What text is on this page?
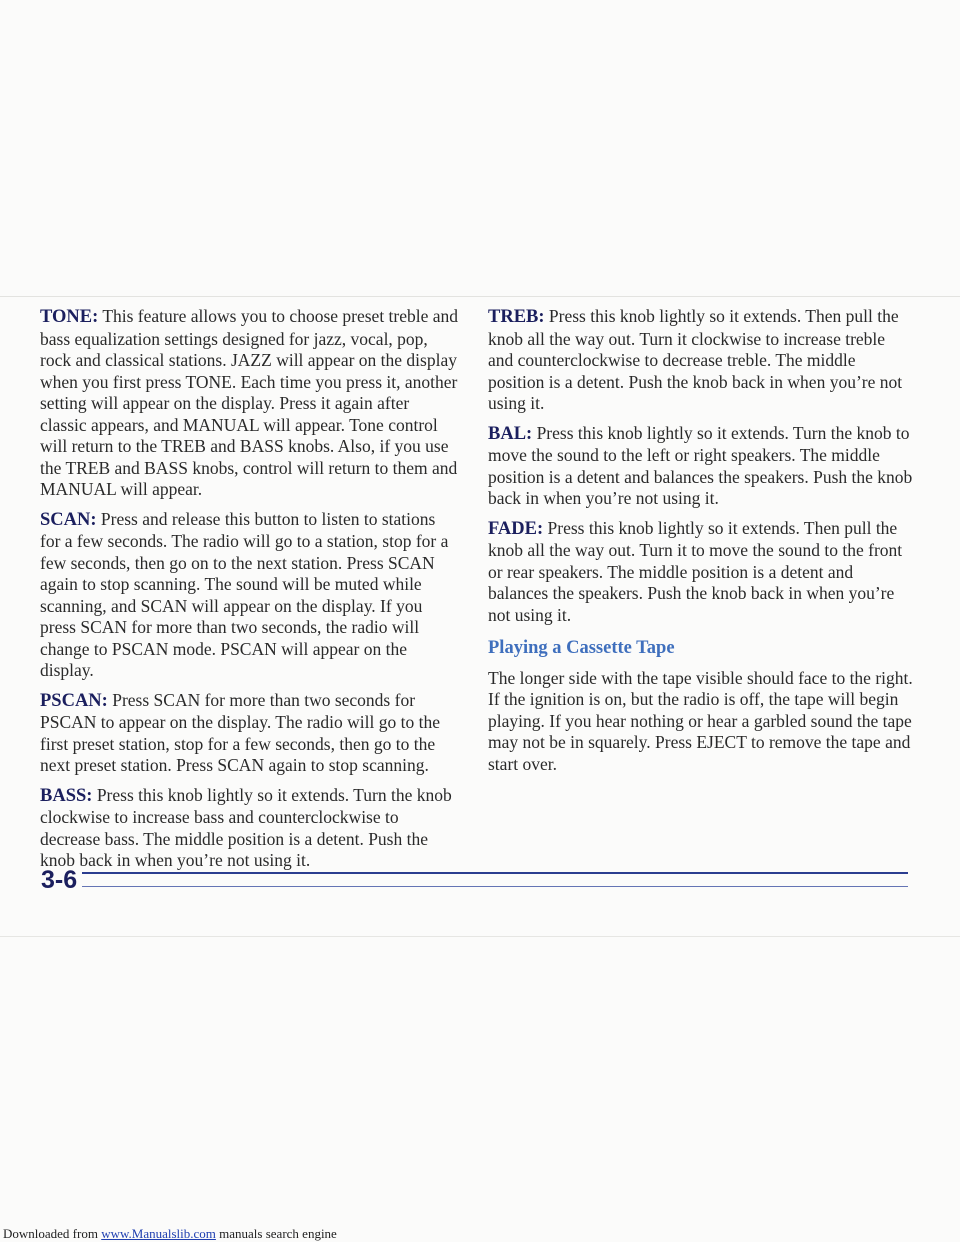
TONE: This feature allows you to choose preset treble and bass equalization settings designed for jazz, vocal, pop, rock and classical stations. JAZZ will appear on the display when you first press TONE. Each time you press it, another setting will appear on the display. Press it again after classic appears, and MANUAL will appear. Tone control will return to the TREB and BASS knobs. Also, if you use the TREB and BASS knobs, control will return to them and MANUAL will appear.

SCAN: Press and release this button to listen to stations for a few seconds. The radio will go to a station, stop for a few seconds, then go on to the next station. Press SCAN again to stop scanning. The sound will be muted while scanning, and SCAN will appear on the display. If you press SCAN for more than two seconds, the radio will change to PSCAN mode. PSCAN will appear on the display.

PSCAN: Press SCAN for more than two seconds for PSCAN to appear on the display. The radio will go to the first preset station, stop for a few seconds, then go to the next preset station. Press SCAN again to stop scanning.

BASS: Press this knob lightly so it extends. Turn the knob clockwise to increase bass and counterclockwise to decrease bass. The middle position is a detent. Push the knob back in when you’re not using it.

TREB: Press this knob lightly so it extends. Then pull the knob all the way out. Turn it clockwise to increase treble and counterclockwise to decrease treble. The middle position is a detent. Push the knob back in when you’re not using it.

BAL: Press this knob lightly so it extends. Turn the knob to move the sound to the left or right speakers. The middle position is a detent and balances the speakers. Push the knob back in when you’re not using it.

FADE: Press this knob lightly so it extends. Then pull the knob all the way out. Turn it to move the sound to the front or rear speakers. The middle position is a detent and balances the speakers. Push the knob back in when you’re not using it.

Playing a Cassette Tape

The longer side with the tape visible should face to the right. If the ignition is on, but the radio is off, the tape will begin playing. If you hear nothing or hear a garbled sound the tape may not be in squarely. Press EJECT to remove the tape and start over.

3-6

Downloaded from www.Manualslib.com manuals search engine
